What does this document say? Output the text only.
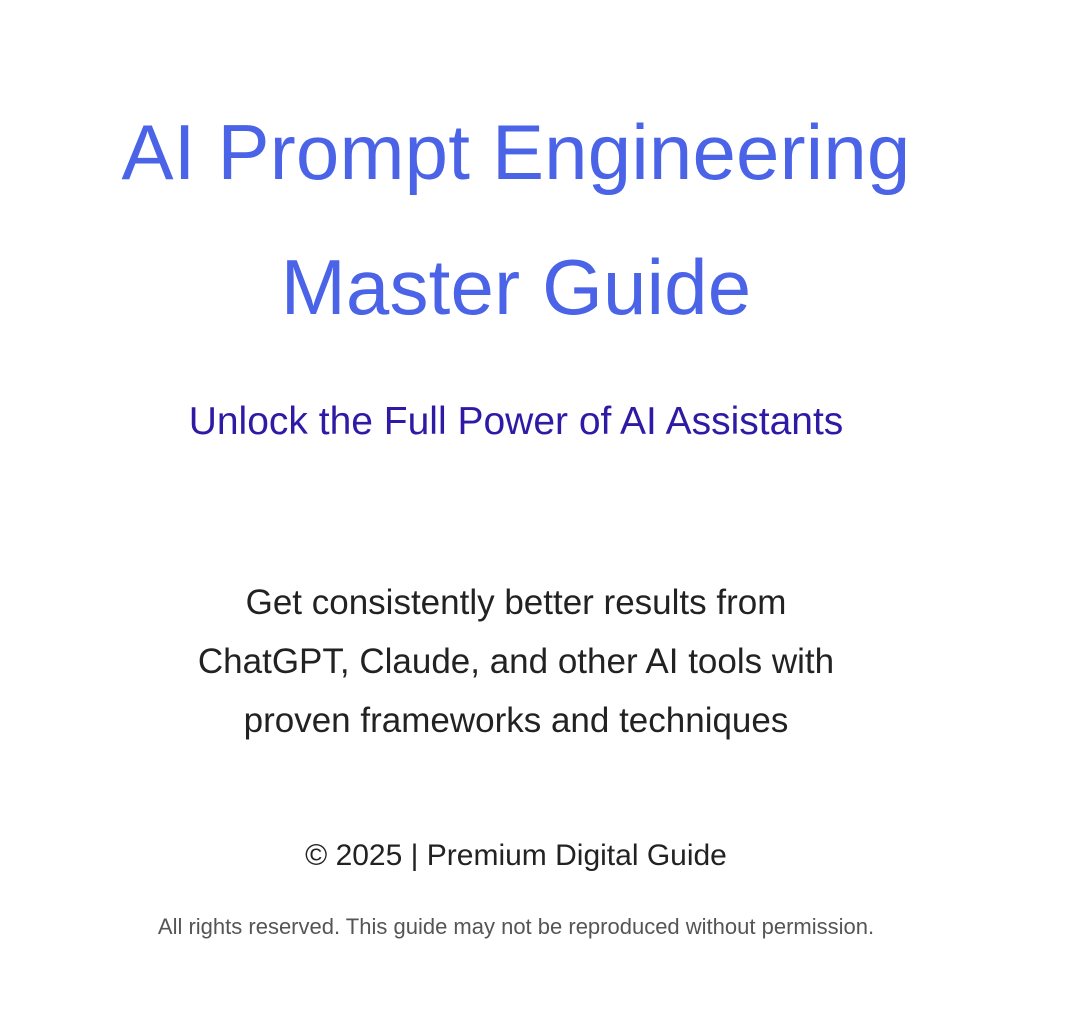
AI Prompt Engineering
Master Guide
Unlock the Full Power of AI Assistants

Get consistently better results from
ChatGPT, Claude, and other AI tools with
proven frameworks and techniques

© 2025 | Premium Digital Guide

All rights reserved. This guide may not be reproduced without permission.
